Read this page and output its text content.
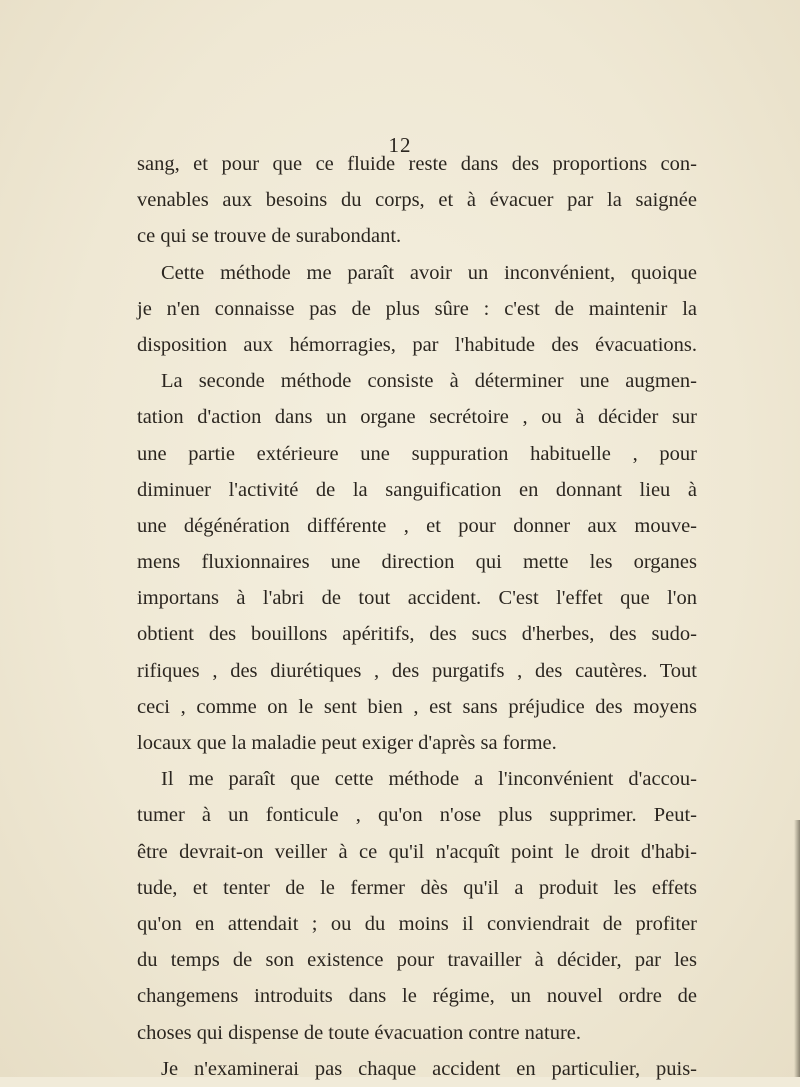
12
sang, et pour que ce fluide reste dans des proportions con-
venables aux besoins du corps, et à évacuer par la saignée
ce qui se trouve de surabondant.
Cette méthode me paraît avoir un inconvénient, quoique
je n'en connaisse pas de plus sûre : c'est de maintenir la
disposition aux hémorragies, par l'habitude des évacuations.
La seconde méthode consiste à déterminer une augmen-
tation d'action dans un organe secrétoire , ou à décider sur
une partie extérieure une suppuration habituelle , pour
diminuer l'activité de la sanguification en donnant lieu à
une dégénération différente , et pour donner aux mouve-
mens fluxionnaires une direction qui mette les organes
importans à l'abri de tout accident. C'est l'effet que l'on
obtient des bouillons apéritifs, des sucs d'herbes, des sudo-
rifiques , des diurétiques , des purgatifs , des cautères. Tout
ceci , comme on le sent bien , est sans préjudice des moyens
locaux que la maladie peut exiger d'après sa forme.
Il me paraît que cette méthode a l'inconvénient d'accou-
tumer à un fonticule , qu'on n'ose plus supprimer. Peut-
être devrait-on veiller à ce qu'il n'acquît point le droit d'habi-
tude, et tenter de le fermer dès qu'il a produit les effets
qu'on en attendait ; ou du moins il conviendrait de profiter
du temps de son existence pour travailler à décider, par les
changemens introduits dans le régime, un nouvel ordre de
choses qui dispense de toute évacuation contre nature.
Je n'examinerai pas chaque accident en particulier, puis-
